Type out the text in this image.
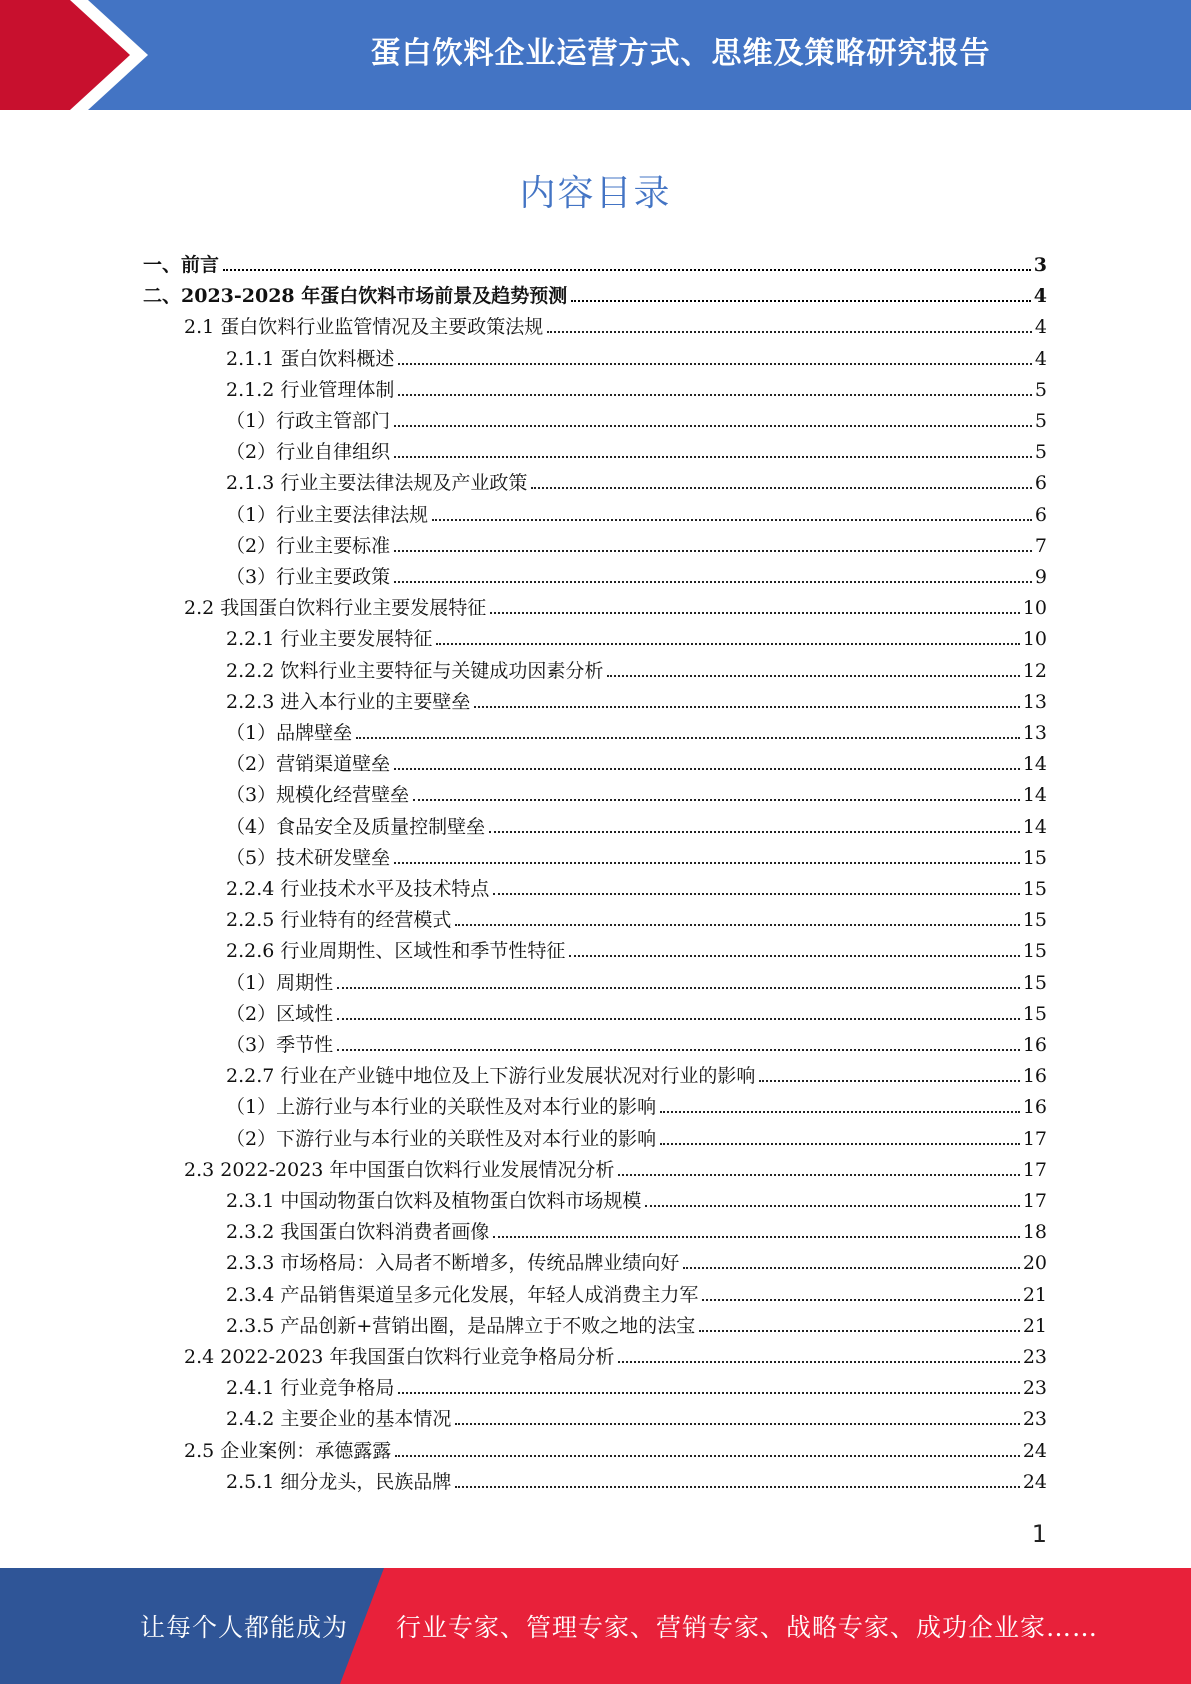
蛋白饮料企业运营方式、思维及策略研究报告
内容目录
一、前言	3
二、2023-2028 年蛋白饮料市场前景及趋势预测	4
2.1 蛋白饮料行业监管情况及主要政策法规	4
2.1.1 蛋白饮料概述	4
2.1.2 行业管理体制	5
（1）行政主管部门	5
（2）行业自律组织	5
2.1.3 行业主要法律法规及产业政策	6
（1）行业主要法律法规	6
（2）行业主要标准	7
（3）行业主要政策	9
2.2 我国蛋白饮料行业主要发展特征	10
2.2.1 行业主要发展特征	10
2.2.2 饮料行业主要特征与关键成功因素分析	12
2.2.3 进入本行业的主要壁垒	13
（1）品牌壁垒	13
（2）营销渠道壁垒	14
（3）规模化经营壁垒	14
（4）食品安全及质量控制壁垒	14
（5）技术研发壁垒	15
2.2.4 行业技术水平及技术特点	15
2.2.5 行业特有的经营模式	15
2.2.6 行业周期性、区域性和季节性特征	15
（1）周期性	15
（2）区域性	15
（3）季节性	16
2.2.7 行业在产业链中地位及上下游行业发展状况对行业的影响	16
（1）上游行业与本行业的关联性及对本行业的影响	16
（2）下游行业与本行业的关联性及对本行业的影响	17
2.3 2022-2023 年中国蛋白饮料行业发展情况分析	17
2.3.1 中国动物蛋白饮料及植物蛋白饮料市场规模	17
2.3.2 我国蛋白饮料消费者画像	18
2.3.3 市场格局：入局者不断增多，传统品牌业绩向好	20
2.3.4 产品销售渠道呈多元化发展，年轻人成消费主力军	21
2.3.5 产品创新+营销出圈，是品牌立于不败之地的法宝	21
2.4 2022-2023 年我国蛋白饮料行业竞争格局分析	23
2.4.1 行业竞争格局	23
2.4.2 主要企业的基本情况	23
2.5 企业案例：承德露露	24
2.5.1 细分龙头，民族品牌	24
1
让每个人都能成为 行业专家、管理专家、营销专家、战略专家、成功企业家……
